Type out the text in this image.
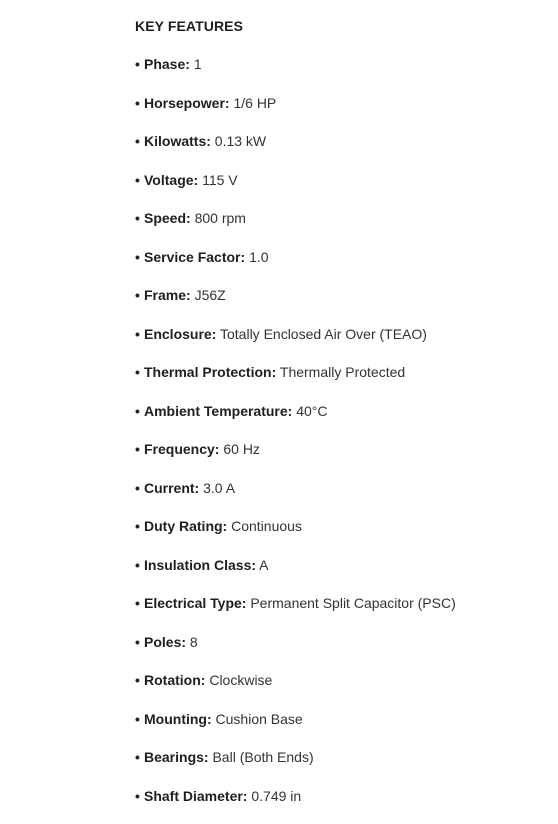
KEY FEATURES
• Phase: 1
• Horsepower: 1/6 HP
• Kilowatts: 0.13 kW
• Voltage: 115 V
• Speed: 800 rpm
• Service Factor: 1.0
• Frame: J56Z
• Enclosure: Totally Enclosed Air Over (TEAO)
• Thermal Protection: Thermally Protected
• Ambient Temperature: 40°C
• Frequency: 60 Hz
• Current: 3.0 A
• Duty Rating: Continuous
• Insulation Class: A
• Electrical Type: Permanent Split Capacitor (PSC)
• Poles: 8
• Rotation: Clockwise
• Mounting: Cushion Base
• Bearings: Ball (Both Ends)
• Shaft Diameter: 0.749 in
